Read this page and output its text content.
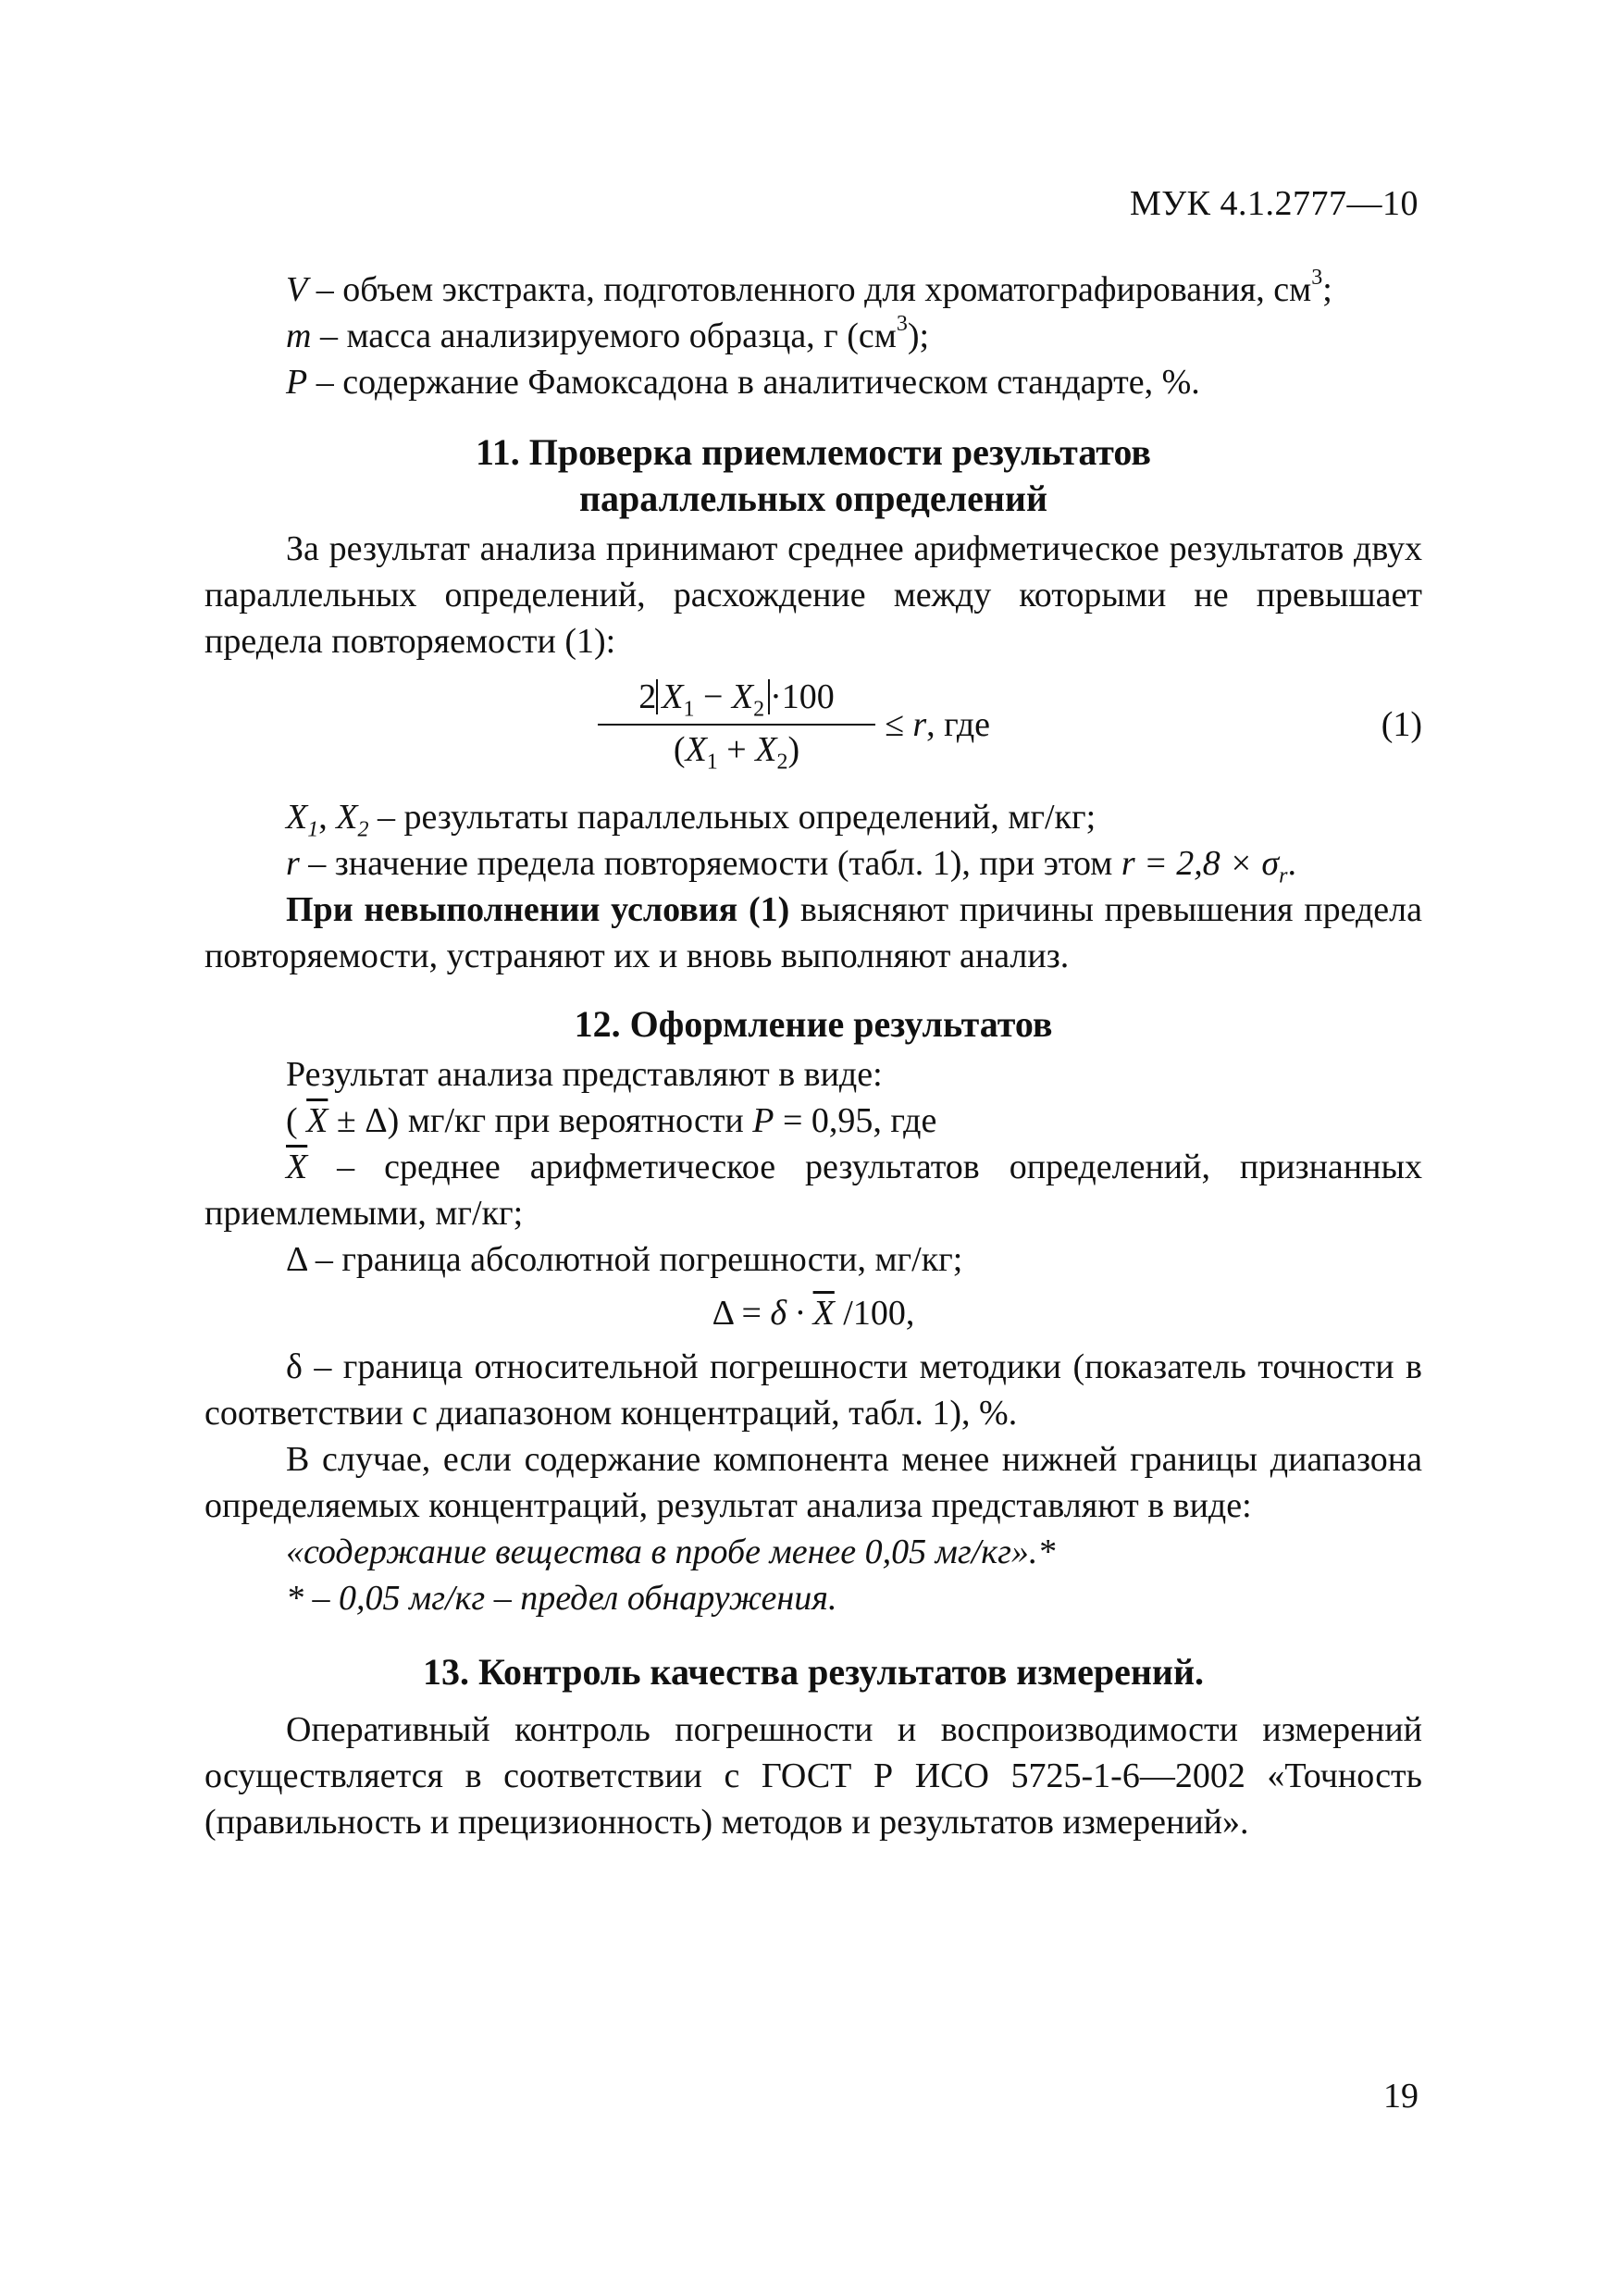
МУК 4.1.2777—10

V – объем экстракта, подготовленного для хроматографирования, $см^3$;

m – масса анализируемого образца, г $(см^3)$;

P – содержание Фамоксадона в аналитическом стандарте, %.

11. Проверка приемлемости результатов
параллельных определений

За результат анализа принимают среднее арифметическое результатов двух параллельных определений, расхождение между которыми не превышает предела повторяемости (1):

2 $X_1 - X_2 \cdot 100$
$(X_1 + X_2)$
≤ r, где	(1)

$X_1$, $X_2$ – результаты параллельных определений, мг/кг;

r – значение предела повторяемости (табл. 1), при этом $r = 2,8 \times \sigma_r$.

При невыполнении условия (1) выясняют причины превышения предела повторяемости, устраняют их и вновь выполняют анализ.

12. Оформление результатов

Результат анализа представляют в виде:

( $\overline{X} \pm \Delta$) мг/кг при вероятности P = 0,95, где

$\overline{X}$ – среднее арифметическое результатов определений, признанных приемлемыми, мг/кг;

Δ – граница абсолютной погрешности, мг/кг;

$\Delta = \delta \cdot \overline{X}$ /100,

δ – граница относительной погрешности методики (показатель точности в соответствии с диапазоном концентраций, табл. 1), %.

В случае, если содержание компонента менее нижней границы диапазона определяемых концентраций, результат анализа представляют в виде:

«содержание вещества в пробе менее 0,05 мг/кг».*

* – 0,05 мг/кг – предел обнаружения.

13. Контроль качества результатов измерений.

Оперативный контроль погрешности и воспроизводимости измерений осуществляется в соответствии с ГОСТ Р ИСО 5725-1-6—2002 «Точность (правильность и прецизионность) методов и результатов измерений».

19
